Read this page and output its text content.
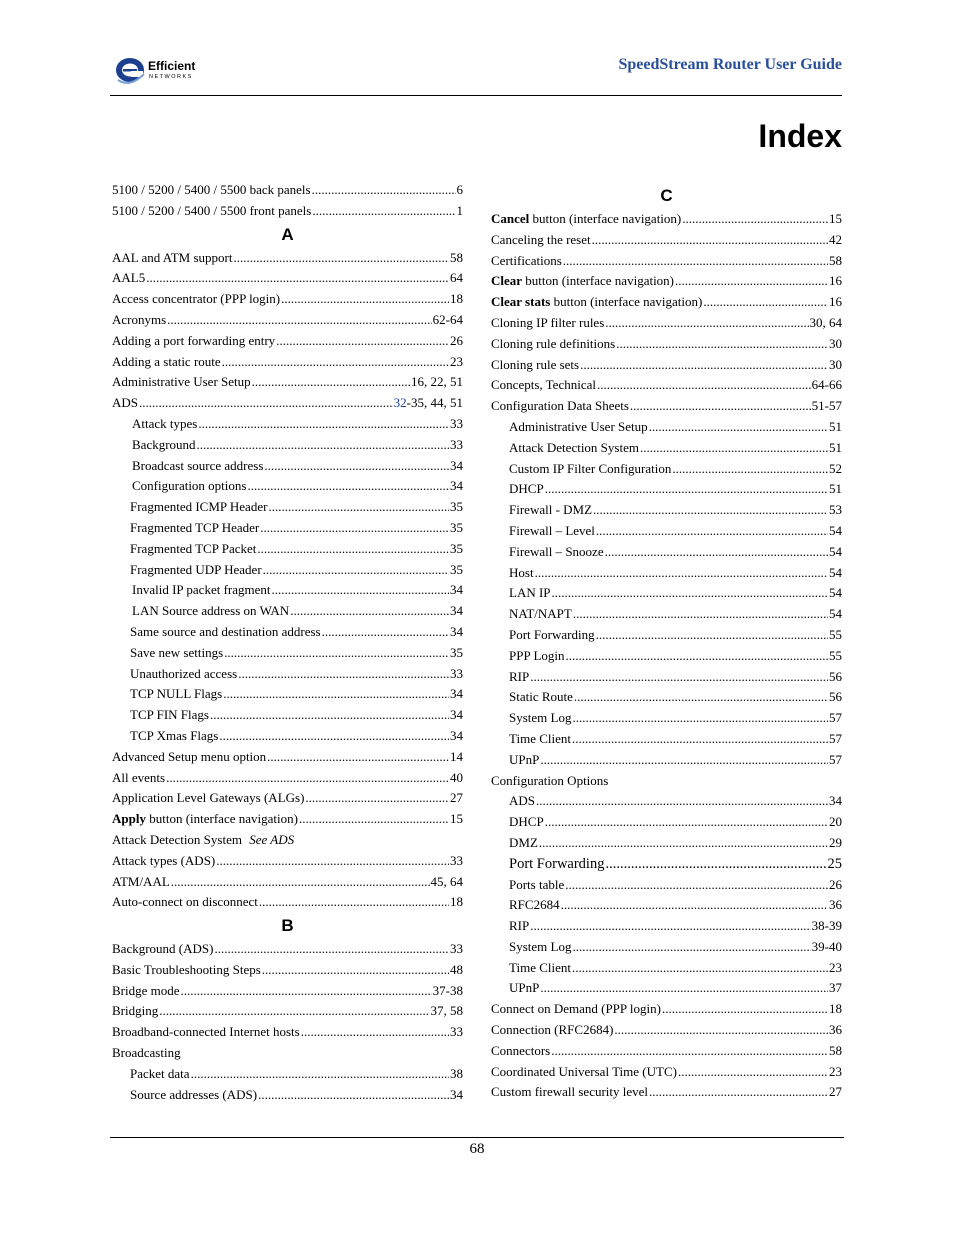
Efficient
NETWORKS
SpeedStream Router User Guide
Index
5100 / 5200 / 5400 / 5500 back panels .....	6
5100 / 5200 / 5400 / 5500 front panels .....	1
A
AAL and ATM support .....	58
AAL5 .....	64
Access concentrator (PPP login) .....	18
Acronyms .....	62-64
Adding a port forwarding entry .....	26
Adding a static route .....	23
Administrative User Setup .....	16, 22, 51
ADS .....	32-35, 44, 51
Attack types .....	33
Background .....	33
Broadcast source address .....	34
Configuration options .....	34
Fragmented ICMP Header .....	35
Fragmented TCP Header .....	35
Fragmented TCP Packet .....	35
Fragmented UDP Header .....	35
Invalid IP packet fragment .....	34
LAN Source address on WAN .....	34
Same source and destination address .....	34
Save new settings .....	35
Unauthorized access .....	33
TCP NULL Flags .....	34
TCP FIN Flags .....	34
TCP Xmas Flags .....	34
Advanced Setup menu option .....	14
All events .....	40
Application Level Gateways (ALGs) .....	27
Apply button (interface navigation) .....	15
Attack Detection System See ADS
Attack types (ADS) .....	33
ATM/AAL .....	45, 64
Auto-connect on disconnect .....	18
B
Background (ADS) .....	33
Basic Troubleshooting Steps .....	48
Bridge mode .....	37-38
Bridging .....	37, 58
Broadband-connected Internet hosts .....	33
Broadcasting
Packet data .....	38
Source addresses (ADS) .....	34
C
Cancel button (interface navigation) .....	15
Canceling the reset .....	42
Certifications .....	58
Clear button (interface navigation) .....	16
Clear stats button (interface navigation) .....	16
Cloning IP filter rules .....	30, 64
Cloning rule definitions .....	30
Cloning rule sets .....	30
Concepts, Technical .....	64-66
Configuration Data Sheets .....	51-57
Administrative User Setup .....	51
Attack Detection System .....	51
Custom IP Filter Configuration .....	52
DHCP .....	51
Firewall - DMZ .....	53
Firewall – Level .....	54
Firewall – Snooze .....	54
Host .....	54
LAN IP .....	54
NAT/NAPT .....	54
Port Forwarding .....	55
PPP Login .....	55
RIP .....	56
Static Route .....	56
System Log .....	57
Time Client .....	57
UPnP .....	57
Configuration Options
ADS .....	34
DHCP .....	20
DMZ .....	29
Port Forwarding .....	25
Ports table .....	26
RFC2684 .....	36
RIP .....	38-39
System Log .....	39-40
Time Client .....	23
UPnP .....	37
Connect on Demand (PPP login) .....	18
Connection (RFC2684) .....	36
Connectors .....	58
Coordinated Universal Time (UTC) .....	23
Custom firewall security level .....	27
68
